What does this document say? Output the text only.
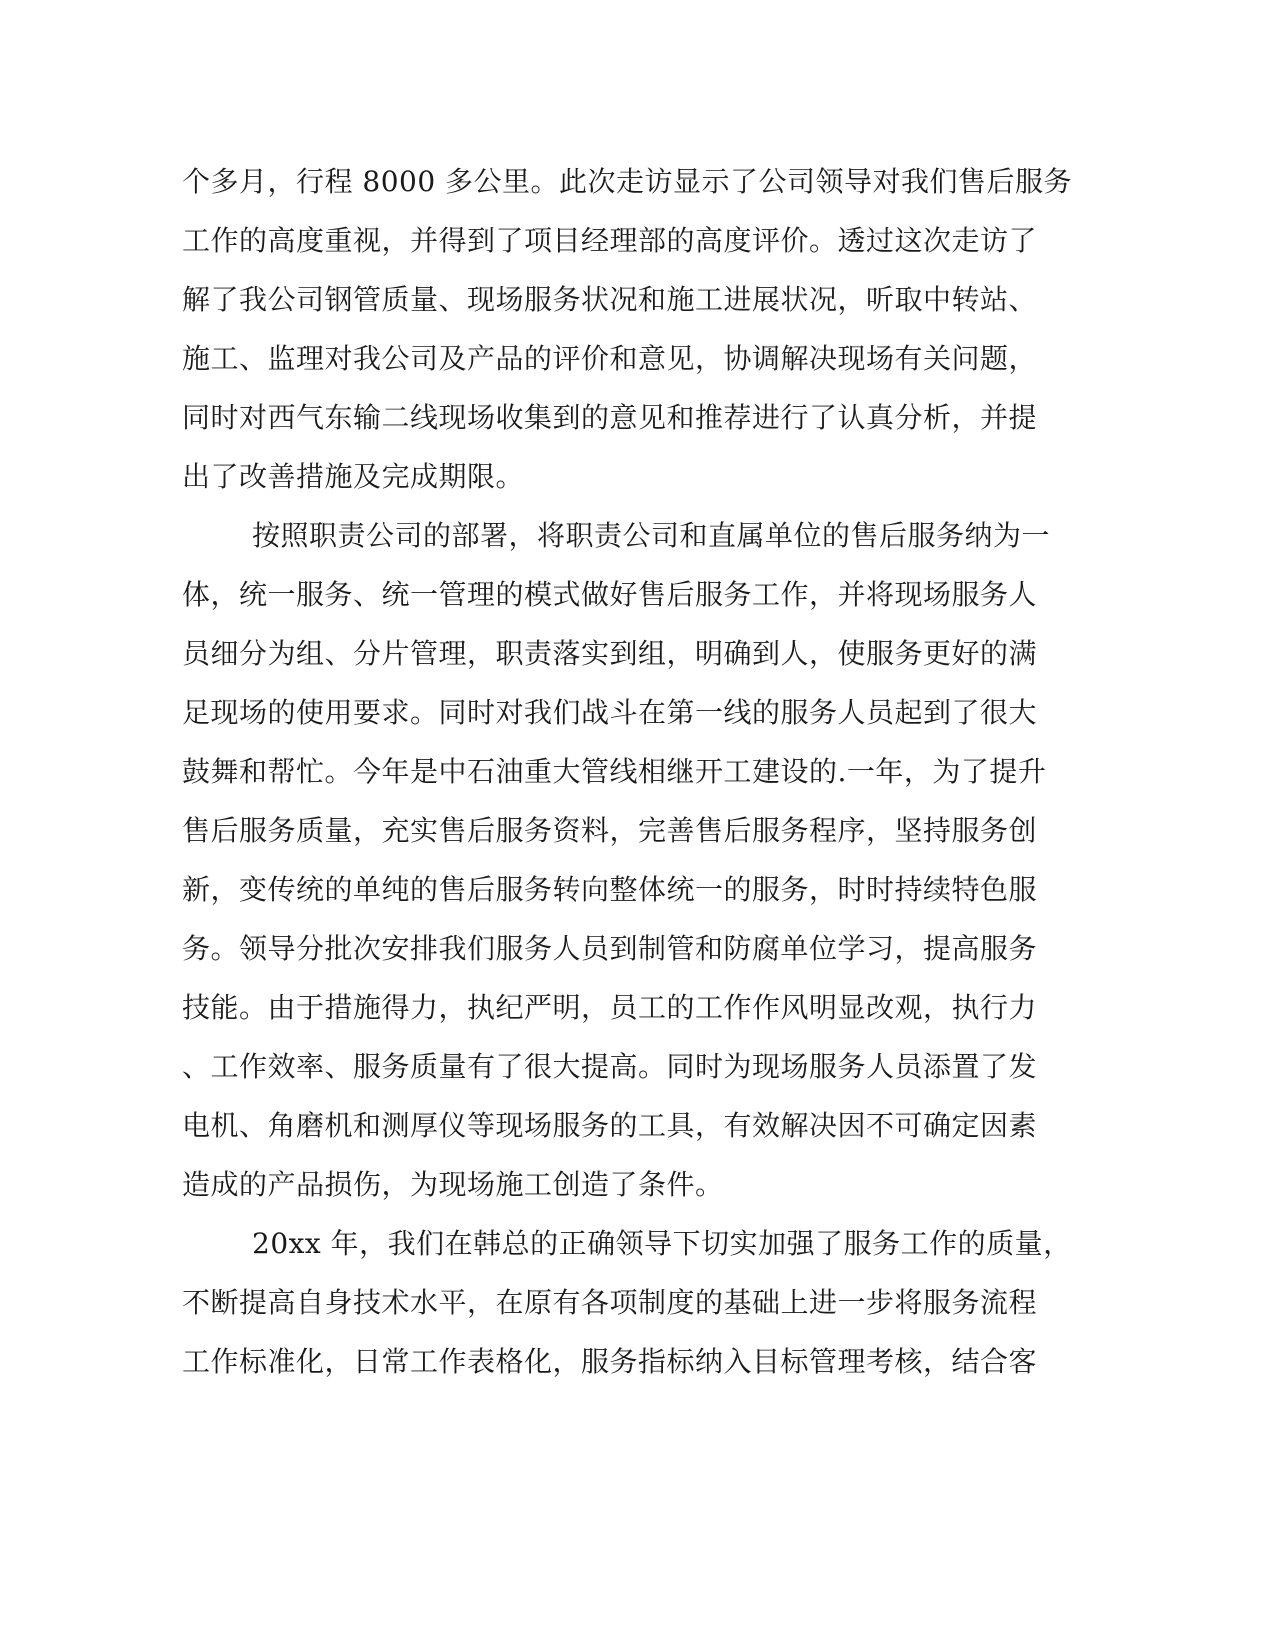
个多月，行程 8000 多公里。此次走访显示了公司领导对我们售后服务
工作的高度重视，并得到了项目经理部的高度评价。透过这次走访了
解了我公司钢管质量、现场服务状况和施工进展状况，听取中转站、
施工、监理对我公司及产品的评价和意见，协调解决现场有关问题，
同时对西气东输二线现场收集到的意见和推荐进行了认真分析，并提
出了改善措施及完成期限。
按照职责公司的部署，将职责公司和直属单位的售后服务纳为一
体，统一服务、统一管理的模式做好售后服务工作，并将现场服务人
员细分为组、分片管理，职责落实到组，明确到人，使服务更好的满
足现场的使用要求。同时对我们战斗在第一线的服务人员起到了很大
鼓舞和帮忙。今年是中石油重大管线相继开工建设的.一年，为了提升
售后服务质量，充实售后服务资料，完善售后服务程序，坚持服务创
新，变传统的单纯的售后服务转向整体统一的服务，时时持续特色服
务。领导分批次安排我们服务人员到制管和防腐单位学习，提高服务
技能。由于措施得力，执纪严明，员工的工作作风明显改观，执行力
、工作效率、服务质量有了很大提高。同时为现场服务人员添置了发
电机、角磨机和测厚仪等现场服务的工具，有效解决因不可确定因素
造成的产品损伤，为现场施工创造了条件。
20xx 年，我们在韩总的正确领导下切实加强了服务工作的质量，
不断提高自身技术水平，在原有各项制度的基础上进一步将服务流程
工作标准化，日常工作表格化，服务指标纳入目标管理考核，结合客
